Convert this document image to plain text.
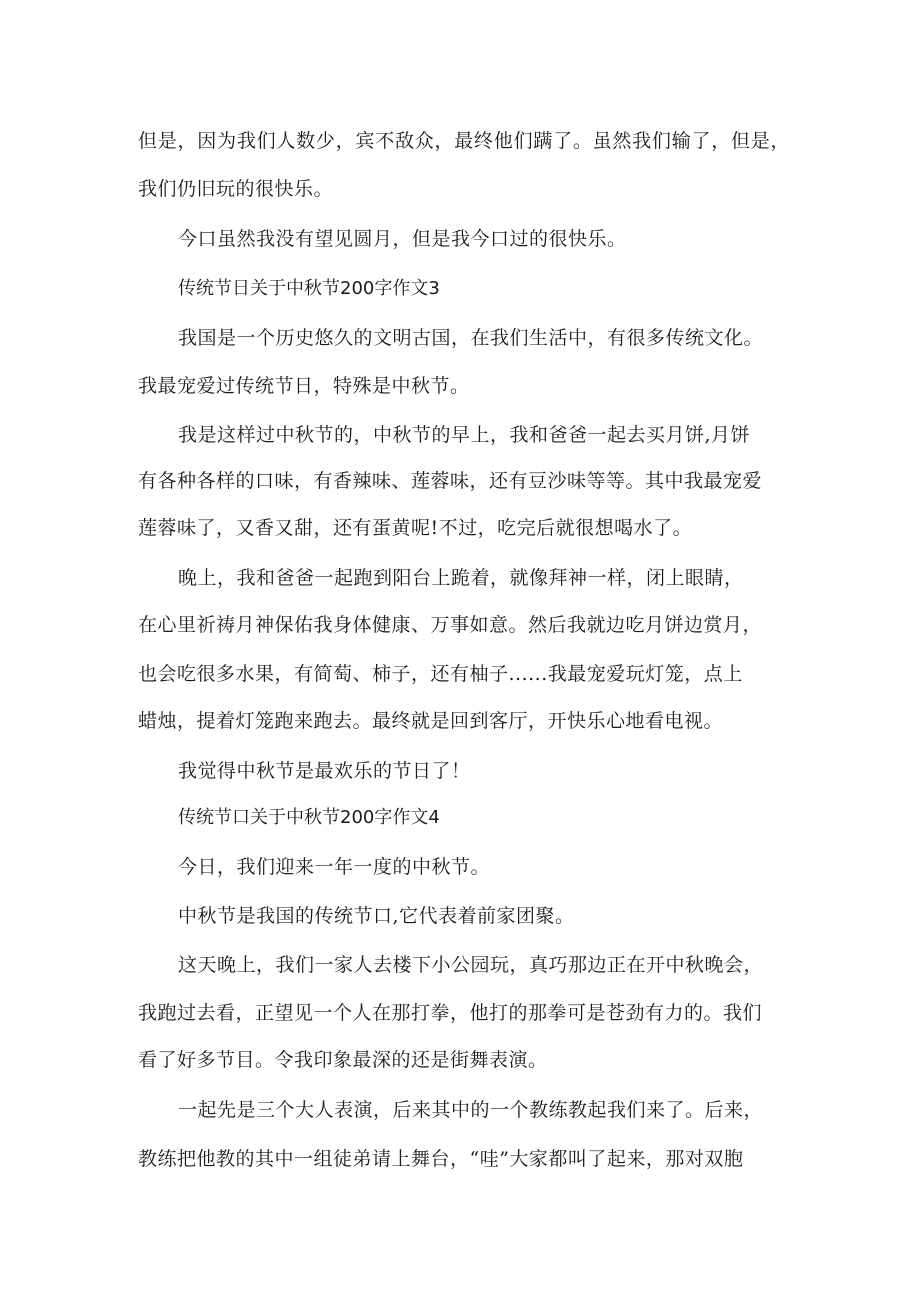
但是，因为我们人数少，宾不敌众，最终他们蹒了。虽然我们输了，但是，
我们仍旧玩的很快乐。
今口虽然我没有望见圆月，但是我今口过的很快乐。
传统节日关于中秋节200字作文3
我国是一个历史悠久的文明古国，在我们生活中，有很多传统文化。
我最宠爱过传统节日，特殊是中秋节。
我是这样过中秋节的，中秋节的早上，我和爸爸一起去买月饼,月饼
有各种各样的口味，有香辣味、莲蓉味，还有豆沙味等等。其中我最宠爱
莲蓉味了，又香又甜，还有蛋黄呢!不过，吃完后就很想喝水了。
晚上，我和爸爸一起跑到阳台上跪着，就像拜神一样，闭上眼睛，
在心里祈祷月神保佑我身体健康、万事如意。然后我就边吃月饼边赏月，
也会吃很多水果，有简萄、柿子，还有柚子......我最宠爱玩灯笼，点上
蜡烛，提着灯笼跑来跑去。最终就是回到客厅，开快乐心地看电视。
我觉得中秋节是最欢乐的节日了！
传统节口关于中秋节200字作文4
今日，我们迎来一年一度的中秋节。
中秋节是我国的传统节口,它代表着前家团聚。
这天晚上，我们一家人去楼下小公园玩，真巧那边正在开中秋晚会，
我跑过去看，正望见一个人在那打拳，他打的那拳可是苍劲有力的。我们
看了好多节目。令我印象最深的还是街舞表演。
一起先是三个大人表演，后来其中的一个教练教起我们来了。后来，
教练把他教的其中一组徒弟请上舞台，“哇”大家都叫了起来，那对双胞
